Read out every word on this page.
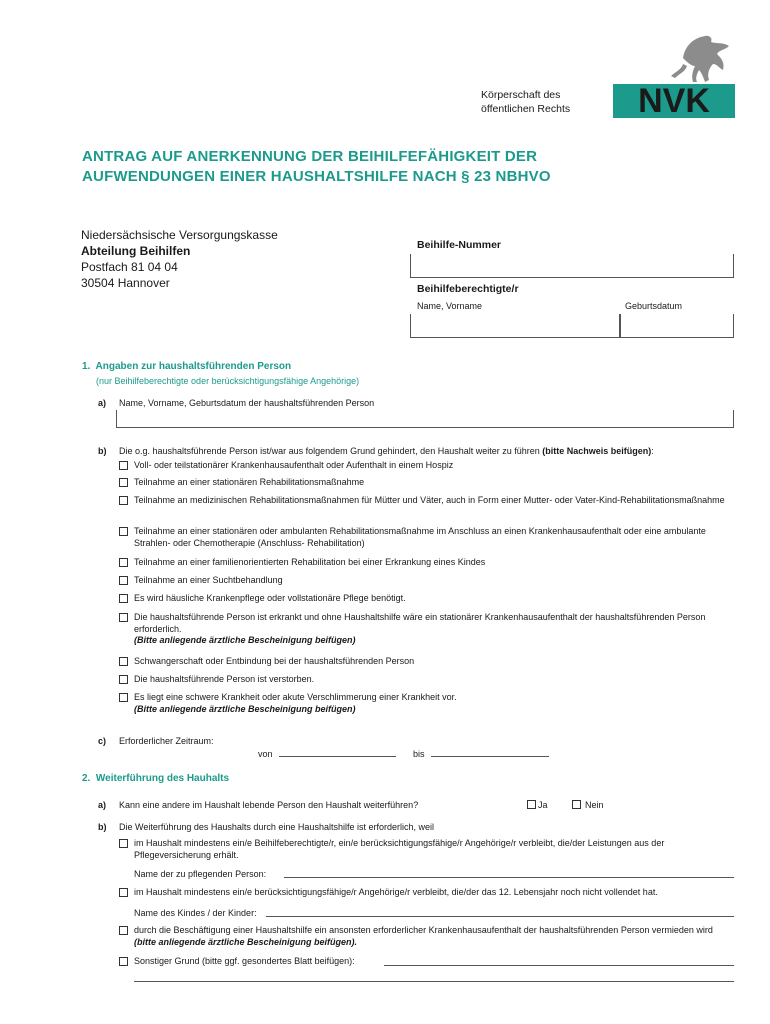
Körperschaft des
öffentlichen Rechts NVK
ANTRAG AUF ANERKENNUNG DER BEIHILFEFÄHIGKEIT DER
AUFWENDUNGEN EINER HAUSHALTSHILFE NACH § 23 NBHVO
Niedersächsische Versorgungskasse
Abteilung Beihilfen
Postfach 81 04 04
30504 Hannover
Beihilfe-Nummer
Beihilfeberechtigte/r
Name, Vorname	Geburtsdatum
1. Angaben zur haushaltsführenden Person
(nur Beihilfeberechtigte oder berücksichtigungsfähige Angehörige)
a) Name, Vorname, Geburtsdatum der haushaltsführenden Person
b) Die o.g. haushaltsführende Person ist/war aus folgendem Grund gehindert, den Haushalt weiter zu führen (bitte Nachweis beifügen):
Voll- oder teilstationärer Krankenhausaufenthalt oder Aufenthalt in einem Hospiz
Teilnahme an einer stationären Rehabilitationsmaßnahme
Teilnahme an medizinischen Rehabilitationsmaßnahmen für Mütter und Väter, auch in Form einer Mutter- oder Vater-Kind-Rehabilitationsmaßnahme
Teilnahme an einer stationären oder ambulanten Rehabilitationsmaßnahme im Anschluss an einen Krankenhausaufenthalt oder eine ambulante Strahlen- oder Chemotherapie (Anschluss- Rehabilitation)
Teilnahme an einer familienorientierten Rehabilitation bei einer Erkrankung eines Kindes
Teilnahme an einer Suchtbehandlung
Es wird häusliche Krankenpflege oder vollstationäre Pflege benötigt.
Die haushaltsführende Person ist erkrankt und ohne Haushaltshilfe wäre ein stationärer Krankenhausaufenthalt der haushaltsführenden Person erforderlich.
(Bitte anliegende ärztliche Bescheinigung beifügen)
Schwangerschaft oder Entbindung bei der haushaltsführenden Person
Die haushaltsführende Person ist verstorben.
Es liegt eine schwere Krankheit oder akute Verschlimmerung einer Krankheit vor.
(Bitte anliegende ärztliche Bescheinigung beifügen)
c) Erforderlicher Zeitraum:
von	bis
2. Weiterführung des Hauhalts
a) Kann eine andere im Haushalt lebende Person den Haushalt weiterführen?	Ja	Nein
b) Die Weiterführung des Haushalts durch eine Haushaltshilfe ist erforderlich, weil
im Haushalt mindestens ein/e Beihilfeberechtigte/r, ein/e berücksichtigungsfähige/r Angehörige/r verbleibt, die/der Leistungen aus der Pflegeversicherung erhält.
Name der zu pflegenden Person:
im Haushalt mindestens ein/e berücksichtigungsfähige/r Angehörige/r verbleibt, die/der das 12. Lebensjahr noch nicht vollendet hat.
Name des Kindes / der Kinder:
durch die Beschäftigung einer Haushaltshilfe ein ansonsten erforderlicher Krankenhausaufenthalt der haushaltsführenden Person vermieden wird (bitte anliegende ärztliche Bescheinigung beifügen).
Sonstiger Grund (bitte ggf. gesondertes Blatt beifügen):
